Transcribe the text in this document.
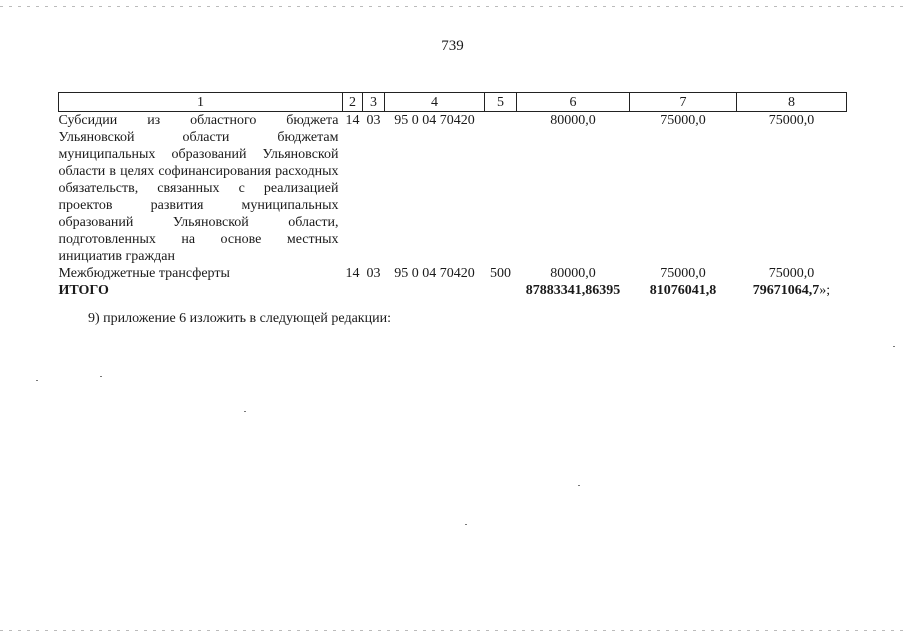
739
1	2	3	4	5	6	7	8
Субсидии из областного бюджета Ульяновской области бюджетам муниципальных образований Ульяновской области в целях софинансирования расходных обязательств, связанных с реализацией проектов развития муниципальных образований Ульяновской области, подготовленных на основе местных инициатив граждан	14	03	95 0 04 70420		80000,0	75000,0	75000,0
Межбюджетные трансферты	14	03	95 0 04 70420	500	80000,0	75000,0	75000,0
ИТОГО					87883341,86395	81076041,8	79671064,7»;
9) приложение 6 изложить в следующей редакции:
